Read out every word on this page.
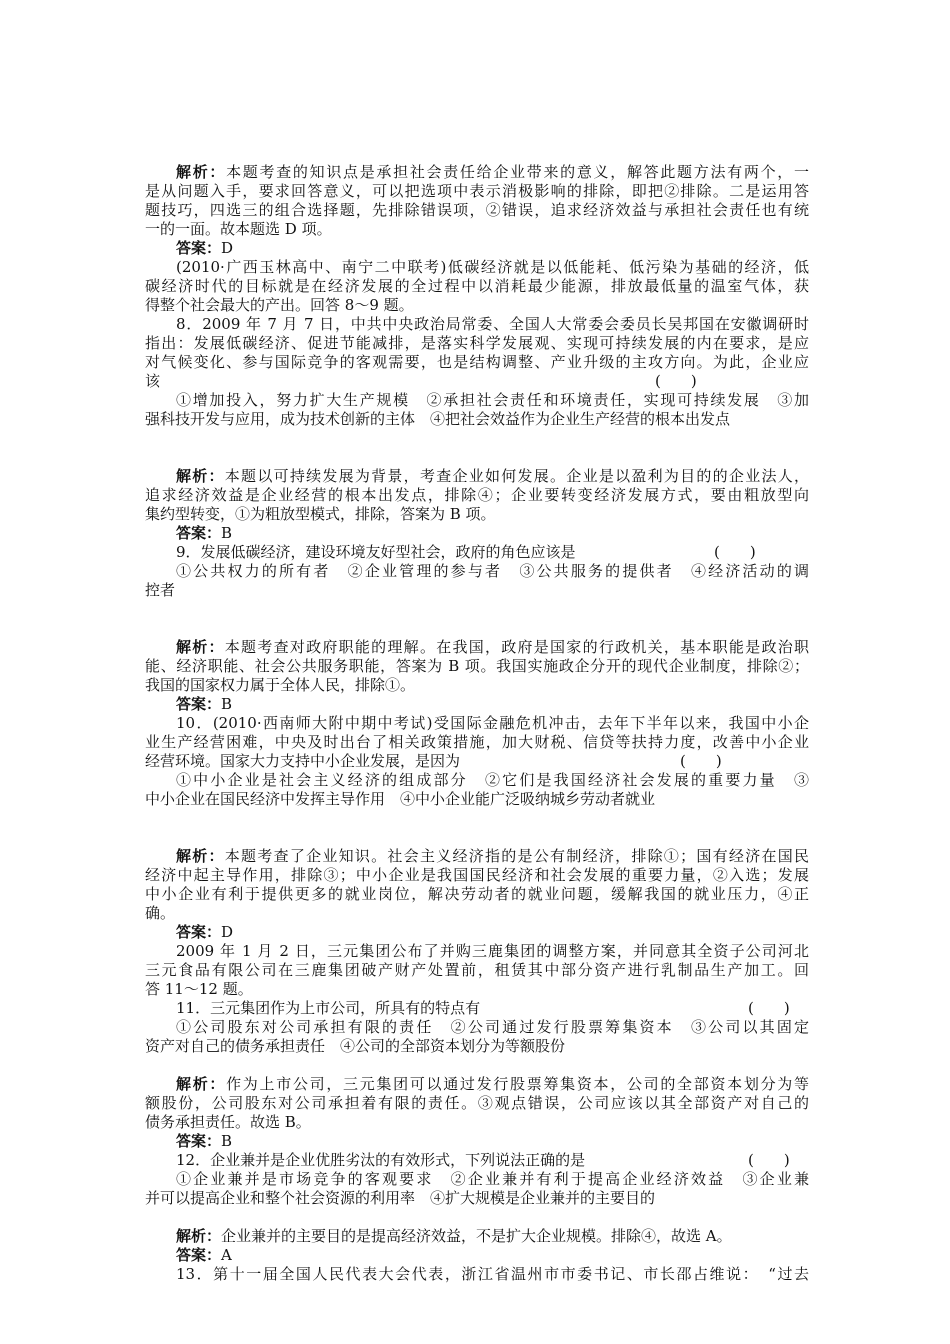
解析：本题考查的知识点是承担社会责任给企业带来的意义，解答此题方法有两个，一
是从问题入手，要求回答意义，可以把选项中表示消极影响的排除，即把②排除。二是运用答
题技巧，四选三的组合选择题，先排除错误项，②错误，追求经济效益与承担社会责任也有统
一的一面。故本题选 D 项。
答案：D
(2010·广西玉林高中、南宁二中联考)低碳经济就是以低能耗、低污染为基础的经济，低
碳经济时代的目标就是在经济发展的全过程中以消耗最少能源，排放最低量的温室气体，获
得整个社会最大的产出。回答 8～9 题。
8．2009 年 7 月 7 日，中共中央政治局常委、全国人大常委会委员长吴邦国在安徽调研时
指出：发展低碳经济、促进节能减排，是落实科学发展观、实现可持续发展的内在要求，是应
对气候变化、参与国际竞争的客观需要，也是结构调整、产业升级的主攻方向。为此，企业应
该	(　　)
①增加投入，努力扩大生产规模　②承担社会责任和环境责任，实现可持续发展　③加
强科技开发与应用，成为技术创新的主体　④把社会效益作为企业生产经营的根本出发点
解析：本题以可持续发展为背景，考查企业如何发展。企业是以盈利为目的的企业法人，
追求经济效益是企业经营的根本出发点，排除④；企业要转变经济发展方式，要由粗放型向
集约型转变，①为粗放型模式，排除，答案为 B 项。
答案：B
9．发展低碳经济，建设环境友好型社会，政府的角色应该是	(　　)
①公共权力的所有者　②企业管理的参与者　③公共服务的提供者　④经济活动的调
控者
解析：本题考查对政府职能的理解。在我国，政府是国家的行政机关，基本职能是政治职
能、经济职能、社会公共服务职能，答案为 B 项。我国实施政企分开的现代企业制度，排除②；
我国的国家权力属于全体人民，排除①。
答案：B
10．(2010·西南师大附中期中考试)受国际金融危机冲击，去年下半年以来，我国中小企
业生产经营困难，中央及时出台了相关政策措施，加大财税、信贷等扶持力度，改善中小企业
经营环境。国家大力支持中小企业发展，是因为	(　　)
①中小企业是社会主义经济的组成部分　②它们是我国经济社会发展的重要力量　③
中小企业在国民经济中发挥主导作用　④中小企业能广泛吸纳城乡劳动者就业
解析：本题考查了企业知识。社会主义经济指的是公有制经济，排除①；国有经济在国民
经济中起主导作用，排除③；中小企业是我国国民经济和社会发展的重要力量，②入选；发展
中小企业有利于提供更多的就业岗位，解决劳动者的就业问题，缓解我国的就业压力，④正
确。
答案：D
2009 年 1 月 2 日，三元集团公布了并购三鹿集团的调整方案，并同意其全资子公司河北
三元食品有限公司在三鹿集团破产财产处置前，租赁其中部分资产进行乳制品生产加工。回
答 11～12 题。
11．三元集团作为上市公司，所具有的特点有	(　　)
①公司股东对公司承担有限的责任　②公司通过发行股票筹集资本　③公司以其固定
资产对自己的债务承担责任　④公司的全部资本划分为等额股份
解析：作为上市公司，三元集团可以通过发行股票筹集资本，公司的全部资本划分为等
额股份，公司股东对公司承担着有限的责任。③观点错误，公司应该以其全部资产对自己的
债务承担责任。故选 B。
答案：B
12．企业兼并是企业优胜劣汰的有效形式，下列说法正确的是	(　　)
①企业兼并是市场竞争的客观要求　②企业兼并有利于提高企业经济效益　③企业兼
并可以提高企业和整个社会资源的利用率　④扩大规模是企业兼并的主要目的
解析：企业兼并的主要目的是提高经济效益，不是扩大企业规模。排除④，故选 A。
答案：A
13．第十一届全国人民代表大会代表，浙江省温州市市委书记、市长邵占维说：　“过去
